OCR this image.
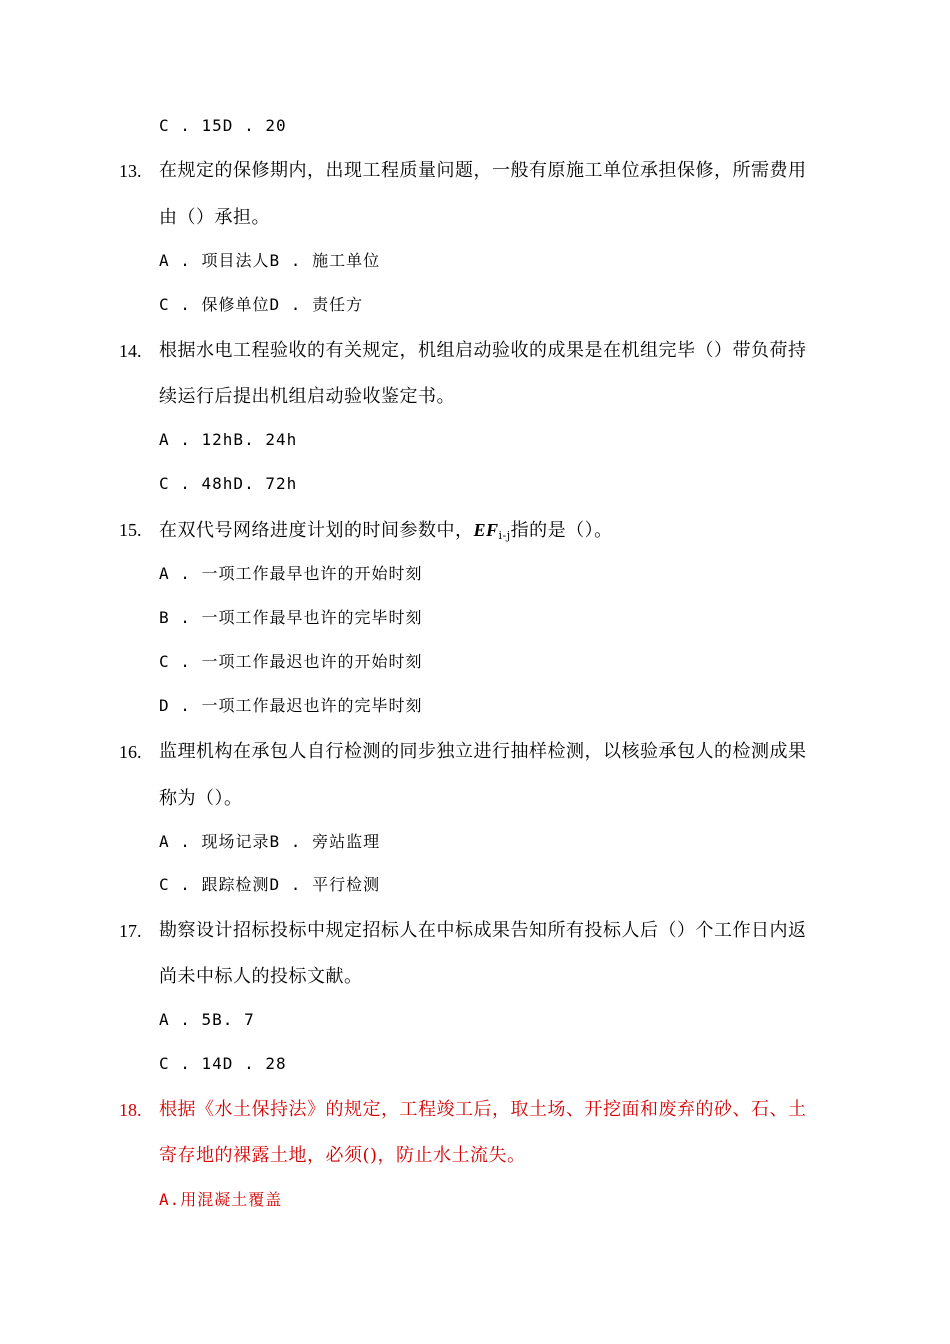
C . 15D . 20
13. 在规定的保修期内，出现工程质量问题，一般有原施工单位承担保修，所需费用
由（）承担。
A . 项目法人B . 施工单位
C . 保修单位D . 责任方
14. 根据水电工程验收的有关规定，机组启动验收的成果是在机组完毕（）带负荷持
续运行后提出机组启动验收鉴定书。
A . 12hB. 24h
C . 48hD. 72h
15. 在双代号网络进度计划的时间参数中，$EF_{i-j}$指的是（）。
A . 一项工作最早也许的开始时刻
B . 一项工作最早也许的完毕时刻
C . 一项工作最迟也许的开始时刻
D . 一项工作最迟也许的完毕时刻
16. 监理机构在承包人自行检测的同步独立进行抽样检测，以核验承包人的检测成果
称为（）。
A . 现场记录B . 旁站监理
C . 跟踪检测D . 平行检测
17. 勘察设计招标投标中规定招标人在中标成果告知所有投标人后（）个工作日内返
尚未中标人的投标文献。
A . 5B. 7
C . 14D . 28
18. 根据《水土保持法》的规定，工程竣工后，取土场、开挖面和废弃的砂、石、土
寄存地的裸露土地，必须()，防止水土流失。
A.用混凝土覆盖
